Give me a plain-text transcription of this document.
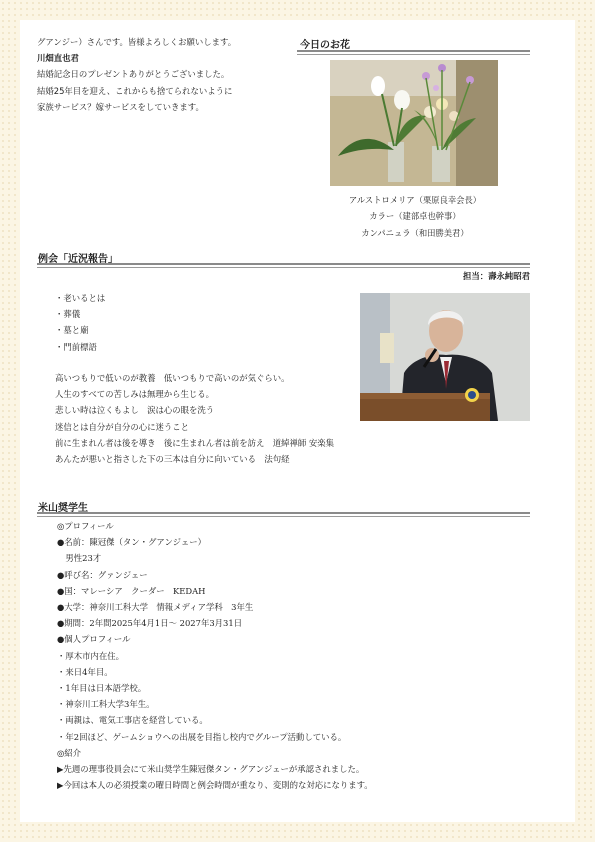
グアンジー）さんです。皆様よろしくお願いします。
川畑直也君
結婚記念日のプレゼントありがとうございました。
結婚25年目を迎え、これからも捨てられないように
家族サービス？嫁サービスをしていきます。
今日のお花
アルストロメリア（栗原良幸会長）
カラー（建部卓也幹事）
カンパニュラ（和田勝美君）
例会「近況報告」
担当：壽永純昭君
・老いるとは
・葬儀
・墓と廟
・門前標語
高いつもりで低いのが教養　低いつもりで高いのが気ぐらい。
人生のすべての苦しみは無理から生じる。
悲しい時は泣くもよし　涙は心の眼を洗う
迷信とは自分が自分の心に迷うこと
前に生まれん者は後を導き　後に生まれん者は前を訪え　道綽禅師 安楽集
あんたが悪いと指さした下の三本は自分に向いている　法句経
米山奨学生
◎プロフィール
●名前：陳冠傑（タン・グアンジェー）
　男性23才
●呼び名：グァンジェー
●国：マレーシア　クーダー　KEDAH
●大学：神奈川工科大学　情報メディア学科　3年生
●期間：2年間2025年4月1日～ 2027年3月31日
●個人プロフィール
・厚木市内在住。
・来日4年目。
・1年目は日本語学校。
・神奈川工科大学3年生。
・両親は、電気工事店を経営している。
・年2回ほど、ゲームショウへの出展を目指し校内でグループ活動している。
◎紹介
▶先週の理事役員会にて米山奨学生陳冠傑タン・グアンジェーが承認されました。
▶今回は本人の必須授業の曜日時間と例会時間が重なり、変則的な対応になります。
